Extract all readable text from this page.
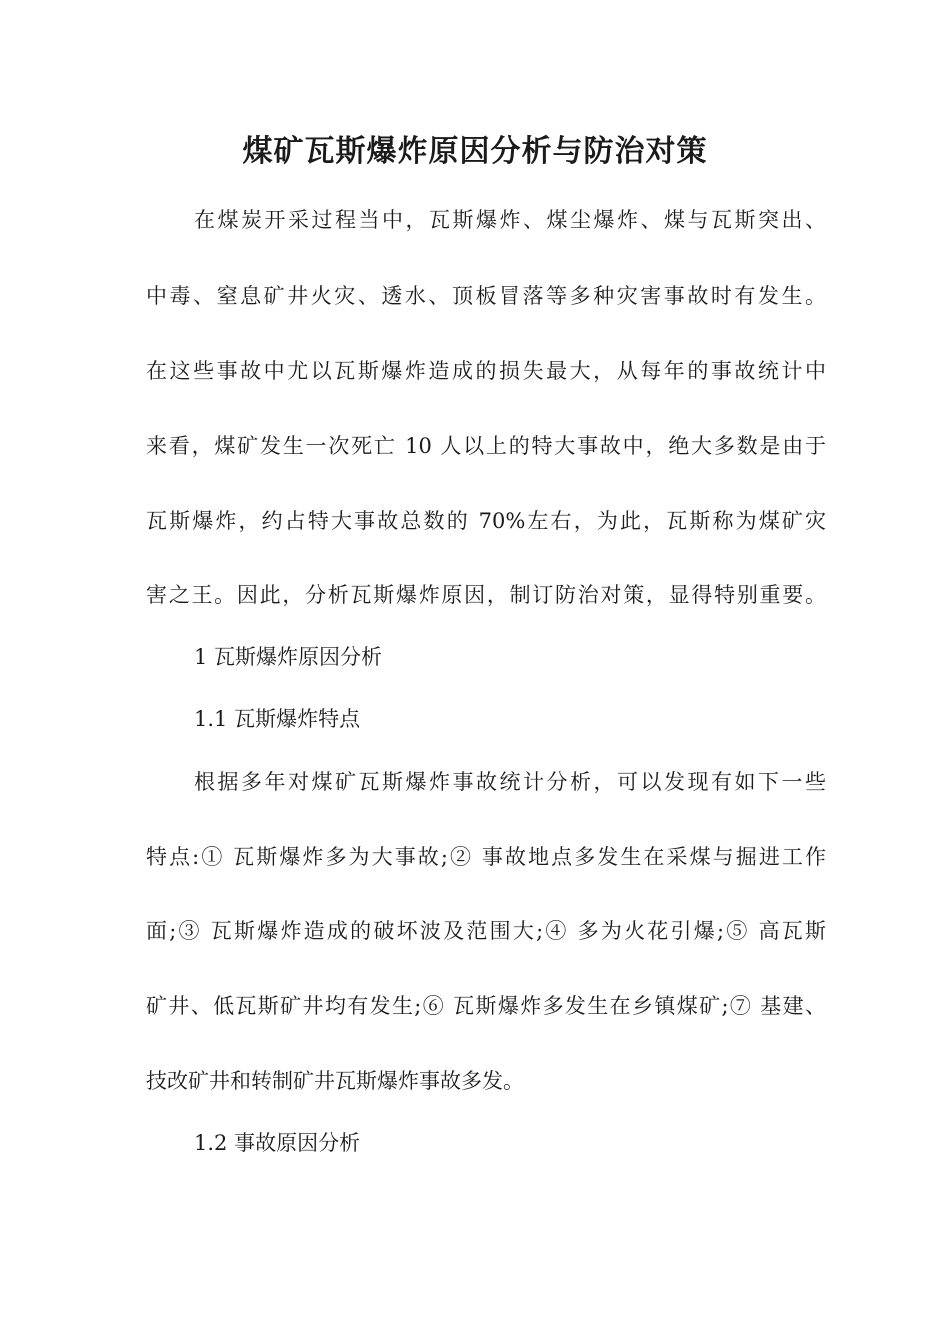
煤矿瓦斯爆炸原因分析与防治对策

在煤炭开采过程当中，瓦斯爆炸、煤尘爆炸、煤与瓦斯突出、

中毒、窒息矿井火灾、透水、顶板冒落等多种灾害事故时有发生。

在这些事故中尤以瓦斯爆炸造成的损失最大，从每年的事故统计中

来看，煤矿发生一次死亡 10 人以上的特大事故中，绝大多数是由于

瓦斯爆炸，约占特大事故总数的 70%左右，为此，瓦斯称为煤矿灾

害之王。因此，分析瓦斯爆炸原因，制订防治对策，显得特别重要。

1 瓦斯爆炸原因分析

1.1 瓦斯爆炸特点

根据多年对煤矿瓦斯爆炸事故统计分析，可以发现有如下一些

特点:① 瓦斯爆炸多为大事故;② 事故地点多发生在采煤与掘进工作

面;③ 瓦斯爆炸造成的破坏波及范围大;④ 多为火花引爆;⑤ 高瓦斯

矿井、低瓦斯矿井均有发生;⑥ 瓦斯爆炸多发生在乡镇煤矿;⑦ 基建、

技改矿井和转制矿井瓦斯爆炸事故多发。

1.2 事故原因分析
